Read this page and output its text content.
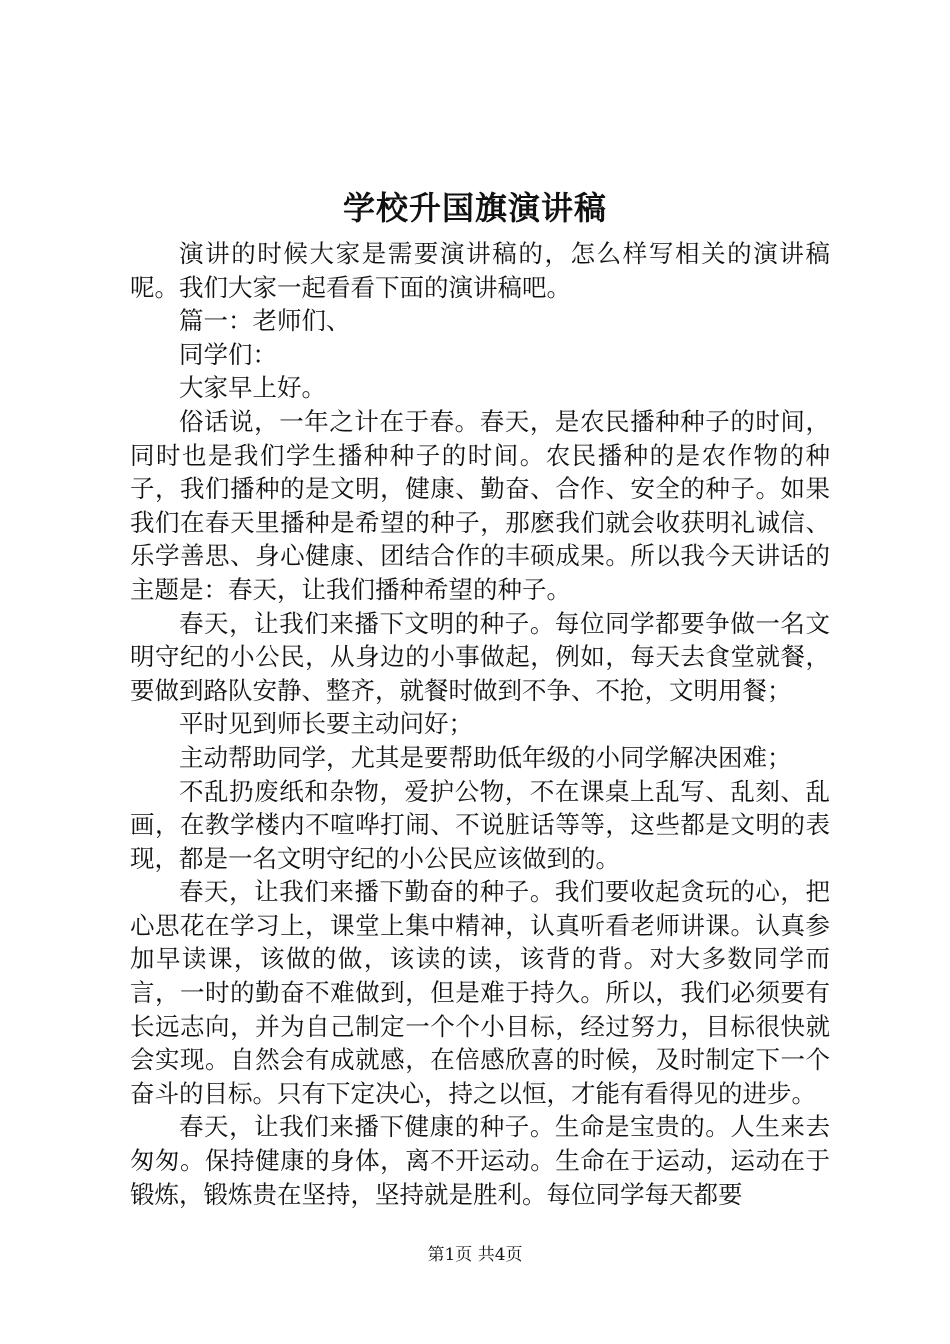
学校升国旗演讲稿

演讲的时候大家是需要演讲稿的，怎么样写相关的演讲稿呢。我们大家一起看看下面的演讲稿吧。

篇一：老师们、

同学们：

大家早上好。

俗话说，一年之计在于春。春天，是农民播种种子的时间，同时也是我们学生播种种子的时间。农民播种的是农作物的种子，我们播种的是文明，健康、勤奋、合作、安全的种子。如果我们在春天里播种是希望的种子，那麽我们就会收获明礼诚信、乐学善思、身心健康、团结合作的丰硕成果。所以我今天讲话的主题是：春天，让我们播种希望的种子。

春天，让我们来播下文明的种子。每位同学都要争做一名文明守纪的小公民，从身边的小事做起，例如，每天去食堂就餐，要做到路队安静、整齐，就餐时做到不争、不抢，文明用餐；

平时见到师长要主动问好；

主动帮助同学，尤其是要帮助低年级的小同学解决困难；

不乱扔废纸和杂物，爱护公物，不在课桌上乱写、乱刻、乱画，在教学楼内不喧哗打闹、不说脏话等等，这些都是文明的表现，都是一名文明守纪的小公民应该做到的。

春天，让我们来播下勤奋的种子。我们要收起贪玩的心，把心思花在学习上，课堂上集中精神，认真听看老师讲课。认真参加早读课，该做的做，该读的读，该背的背。对大多数同学而言，一时的勤奋不难做到，但是难于持久。所以，我们必须要有长远志向，并为自己制定一个个小目标，经过努力，目标很快就会实现。自然会有成就感，在倍感欣喜的时候，及时制定下一个奋斗的目标。只有下定决心，持之以恒，才能有看得见的进步。

春天，让我们来播下健康的种子。生命是宝贵的。人生来去匆匆。保持健康的身体，离不开运动。生命在于运动，运动在于锻炼，锻炼贵在坚持，坚持就是胜利。每位同学每天都要

第1页 共4页
